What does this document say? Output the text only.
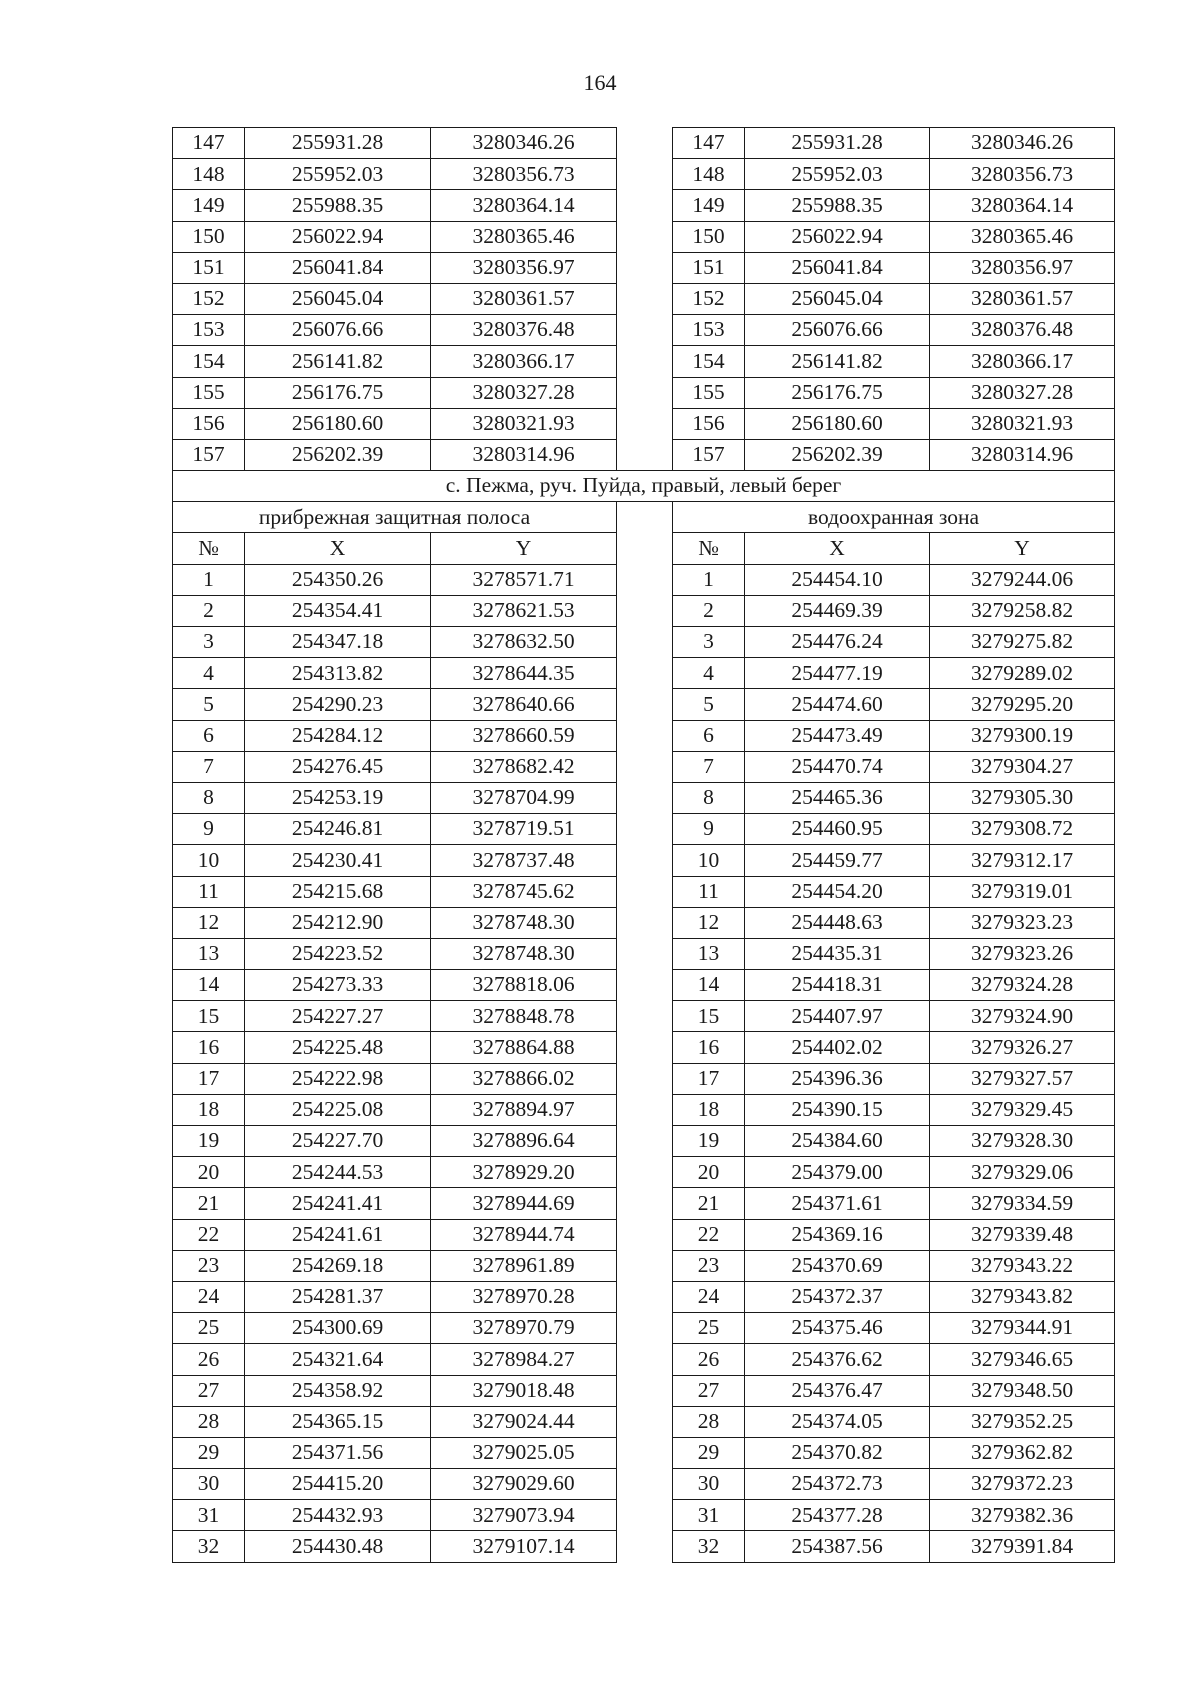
164
147	255931.28	3280346.26		147	255931.28	3280346.26
148	255952.03	3280356.73		148	255952.03	3280356.73
149	255988.35	3280364.14		149	255988.35	3280364.14
150	256022.94	3280365.46		150	256022.94	3280365.46
151	256041.84	3280356.97		151	256041.84	3280356.97
152	256045.04	3280361.57		152	256045.04	3280361.57
153	256076.66	3280376.48		153	256076.66	3280376.48
154	256141.82	3280366.17		154	256141.82	3280366.17
155	256176.75	3280327.28		155	256176.75	3280327.28
156	256180.60	3280321.93		156	256180.60	3280321.93
157	256202.39	3280314.96		157	256202.39	3280314.96
с. Пежма, руч. Пуйда, правый, левый берег						
прибрежная защитная полоса				водоохранная зона		
№	X	Y		№	X	Y
1	254350.26	3278571.71		1	254454.10	3279244.06
2	254354.41	3278621.53		2	254469.39	3279258.82
3	254347.18	3278632.50		3	254476.24	3279275.82
4	254313.82	3278644.35		4	254477.19	3279289.02
5	254290.23	3278640.66		5	254474.60	3279295.20
6	254284.12	3278660.59		6	254473.49	3279300.19
7	254276.45	3278682.42		7	254470.74	3279304.27
8	254253.19	3278704.99		8	254465.36	3279305.30
9	254246.81	3278719.51		9	254460.95	3279308.72
10	254230.41	3278737.48		10	254459.77	3279312.17
11	254215.68	3278745.62		11	254454.20	3279319.01
12	254212.90	3278748.30		12	254448.63	3279323.23
13	254223.52	3278748.30		13	254435.31	3279323.26
14	254273.33	3278818.06		14	254418.31	3279324.28
15	254227.27	3278848.78		15	254407.97	3279324.90
16	254225.48	3278864.88		16	254402.02	3279326.27
17	254222.98	3278866.02		17	254396.36	3279327.57
18	254225.08	3278894.97		18	254390.15	3279329.45
19	254227.70	3278896.64		19	254384.60	3279328.30
20	254244.53	3278929.20		20	254379.00	3279329.06
21	254241.41	3278944.69		21	254371.61	3279334.59
22	254241.61	3278944.74		22	254369.16	3279339.48
23	254269.18	3278961.89		23	254370.69	3279343.22
24	254281.37	3278970.28		24	254372.37	3279343.82
25	254300.69	3278970.79		25	254375.46	3279344.91
26	254321.64	3278984.27		26	254376.62	3279346.65
27	254358.92	3279018.48		27	254376.47	3279348.50
28	254365.15	3279024.44		28	254374.05	3279352.25
29	254371.56	3279025.05		29	254370.82	3279362.82
30	254415.20	3279029.60		30	254372.73	3279372.23
31	254432.93	3279073.94		31	254377.28	3279382.36
32	254430.48	3279107.14		32	254387.56	3279391.84
